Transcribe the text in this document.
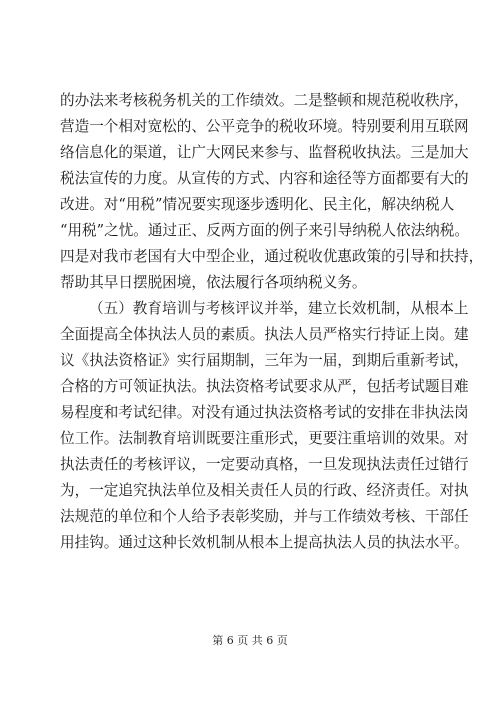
的办法来考核税务机关的工作绩效。二是整顿和规范税收秩序，
营造一个相对宽松的、公平竞争的税收环境。特别要利用互联网
络信息化的渠道，让广大网民来参与、监督税收执法。三是加大
税法宣传的力度。从宣传的方式、内容和途径等方面都要有大的
改进。对“用税”情况要实现逐步透明化、民主化，解决纳税人
“用税”之忧。通过正、反两方面的例子来引导纳税人依法纳税。
四是对我市老国有大中型企业，通过税收优惠政策的引导和扶持，
帮助其早日摆脱困境，依法履行各项纳税义务。
（五）教育培训与考核评议并举，建立长效机制，从根本上
全面提高全体执法人员的素质。执法人员严格实行持证上岗。建
议《执法资格证》实行届期制，三年为一届，到期后重新考试，
合格的方可领证执法。执法资格考试要求从严，包括考试题目难
易程度和考试纪律。对没有通过执法资格考试的安排在非执法岗
位工作。法制教育培训既要注重形式，更要注重培训的效果。对
执法责任的考核评议，一定要动真格，一旦发现执法责任过错行
为，一定追究执法单位及相关责任人员的行政、经济责任。对执
法规范的单位和个人给予表彰奖励，并与工作绩效考核、干部任
用挂钩。通过这种长效机制从根本上提高执法人员的执法水平。
第 6 页 共 6 页
